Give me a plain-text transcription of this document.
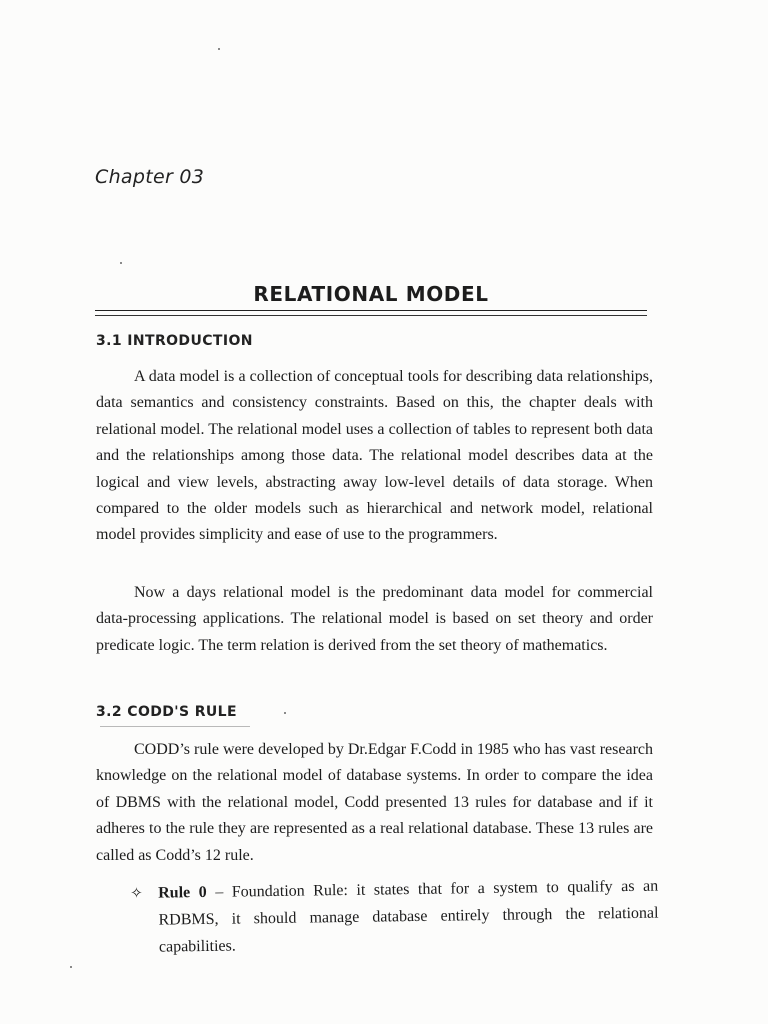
Chapter 03
RELATIONAL MODEL
3.1 INTRODUCTION
A data model is a collection of conceptual tools for describing data relationships, data semantics and consistency constraints. Based on this, the chapter deals with relational model. The relational model uses a collection of tables to represent both data and the relationships among those data. The relational model describes data at the logical and view levels, abstracting away low-level details of data storage. When compared to the older models such as hierarchical and network model, relational model provides simplicity and ease of use to the programmers.
Now a days relational model is the predominant data model for commercial data-processing applications. The relational model is based on set theory and order predicate logic. The term relation is derived from the set theory of mathematics.
3.2 CODD'S RULE
CODD’s rule were developed by Dr.Edgar F.Codd in 1985 who has vast research knowledge on the relational model of database systems. In order to compare the idea of DBMS with the relational model, Codd presented 13 rules for database and if it adheres to the rule they are represented as a real relational database. These 13 rules are called as Codd’s 12 rule.
✧ Rule 0 – Foundation Rule: it states that for a system to qualify as an RDBMS, it should manage database entirely through the relational capabilities.
